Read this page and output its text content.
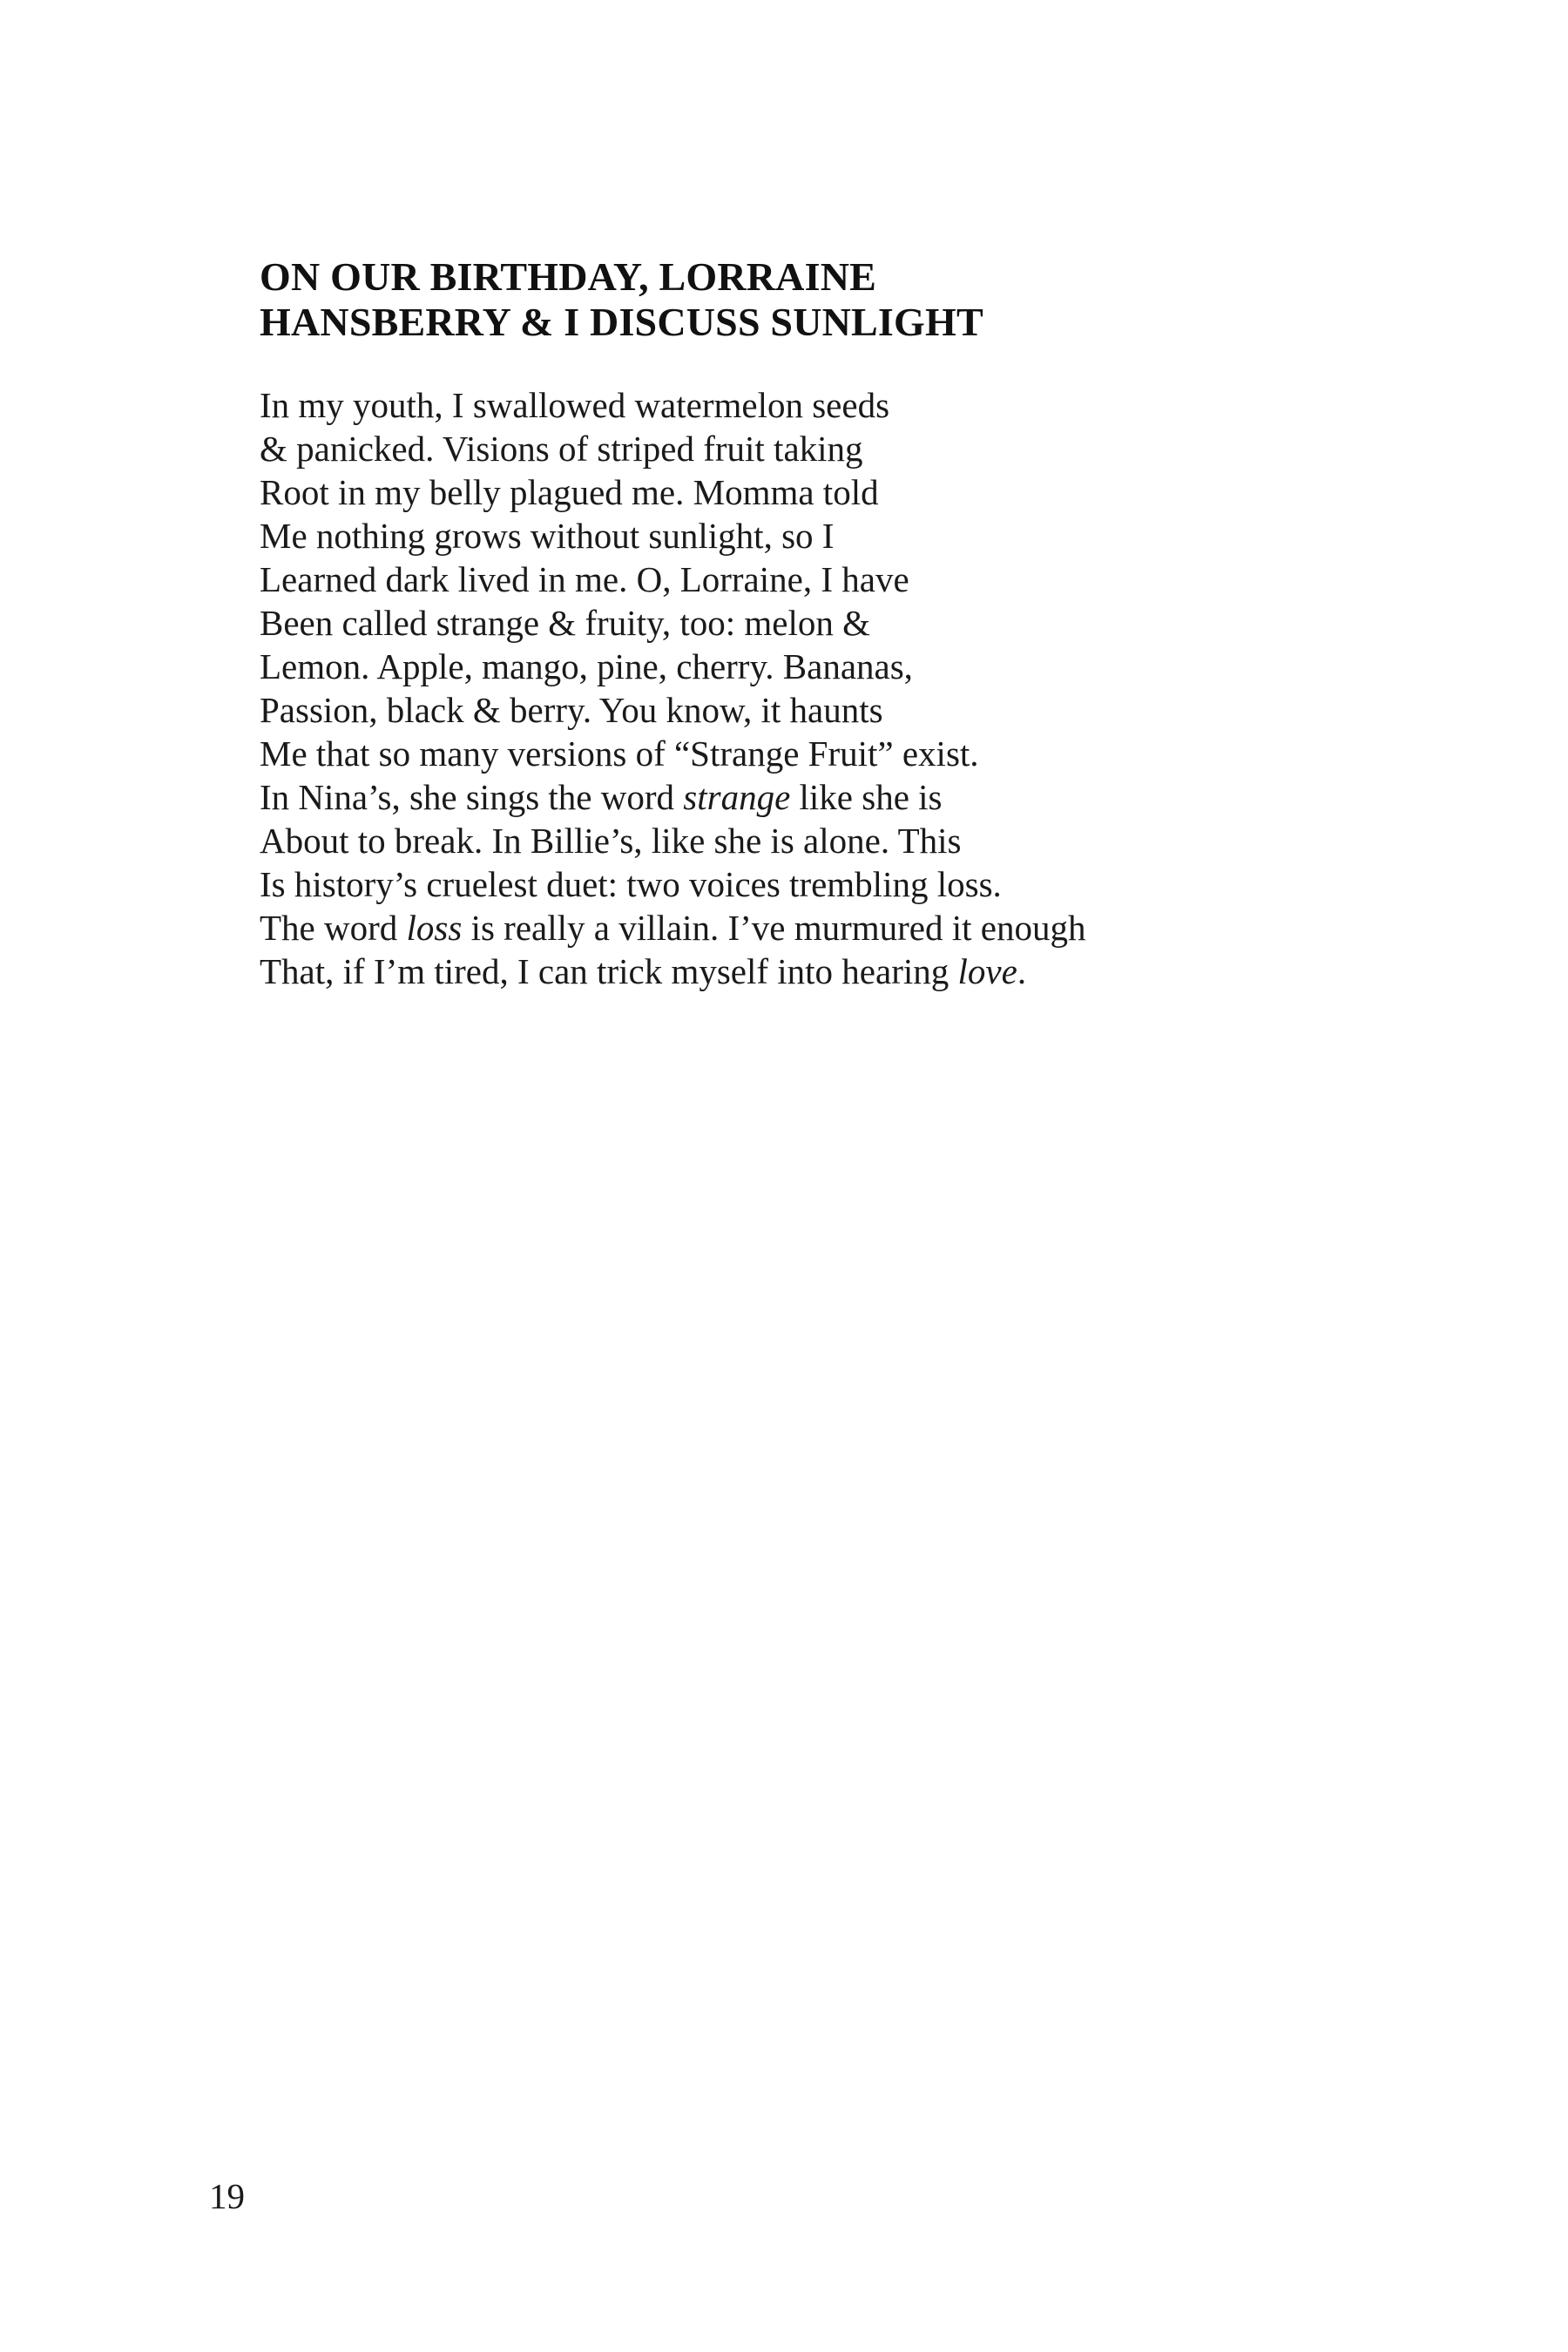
ON OUR BIRTHDAY, LORRAINE
HANSBERRY & I DISCUSS SUNLIGHT
In my youth, I swallowed watermelon seeds
& panicked. Visions of striped fruit taking
Root in my belly plagued me. Momma told
Me nothing grows without sunlight, so I
Learned dark lived in me. O, Lorraine, I have
Been called strange & fruity, too: melon &
Lemon. Apple, mango, pine, cherry. Bananas,
Passion, black & berry. You know, it haunts
Me that so many versions of “Strange Fruit” exist.
In Nina’s, she sings the word strange like she is
About to break. In Billie’s, like she is alone. This
Is history’s cruelest duet: two voices trembling loss.
The word loss is really a villain. I’ve murmured it enough
That, if I’m tired, I can trick myself into hearing love.
19
